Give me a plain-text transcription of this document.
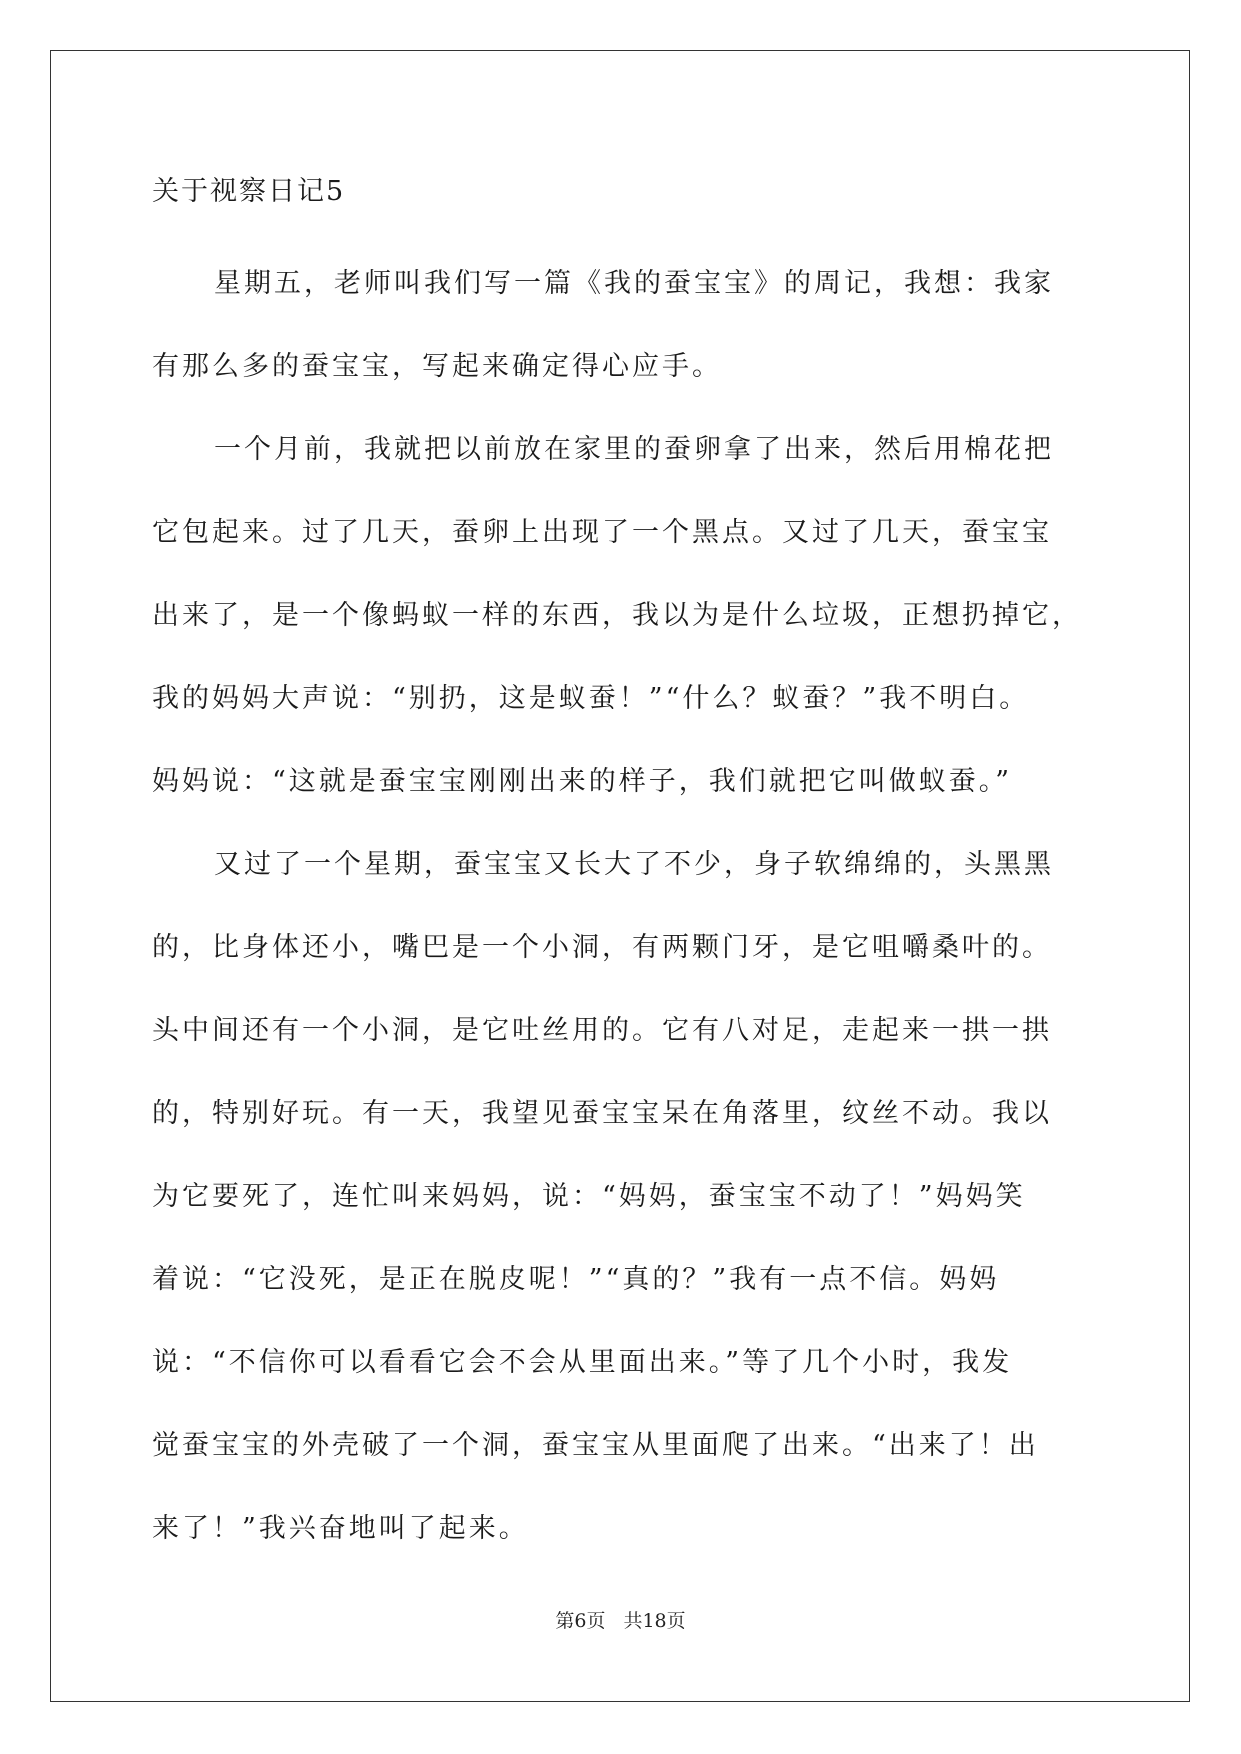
关于视察日记5
星期五，老师叫我们写一篇《我的蚕宝宝》的周记，我想：我家
有那么多的蚕宝宝，写起来确定得心应手。
一个月前，我就把以前放在家里的蚕卵拿了出来，然后用棉花把
它包起来。过了几天，蚕卵上出现了一个黑点。又过了几天，蚕宝宝
出来了，是一个像蚂蚁一样的东西，我以为是什么垃圾，正想扔掉它，
我的妈妈大声说：“别扔，这是蚁蚕！”“什么？蚁蚕？”我不明白。
妈妈说：“这就是蚕宝宝刚刚出来的样子，我们就把它叫做蚁蚕。”
又过了一个星期，蚕宝宝又长大了不少，身子软绵绵的，头黑黑
的，比身体还小，嘴巴是一个小洞，有两颗门牙，是它咀嚼桑叶的。
头中间还有一个小洞，是它吐丝用的。它有八对足，走起来一拱一拱
的，特别好玩。有一天，我望见蚕宝宝呆在角落里，纹丝不动。我以
为它要死了，连忙叫来妈妈，说：“妈妈，蚕宝宝不动了！”妈妈笑
着说：“它没死，是正在脱皮呢！”“真的？”我有一点不信。妈妈
说：“不信你可以看看它会不会从里面出来。”等了几个小时，我发
觉蚕宝宝的外壳破了一个洞，蚕宝宝从里面爬了出来。“出来了！出
来了！”我兴奋地叫了起来。
第6页 共18页
